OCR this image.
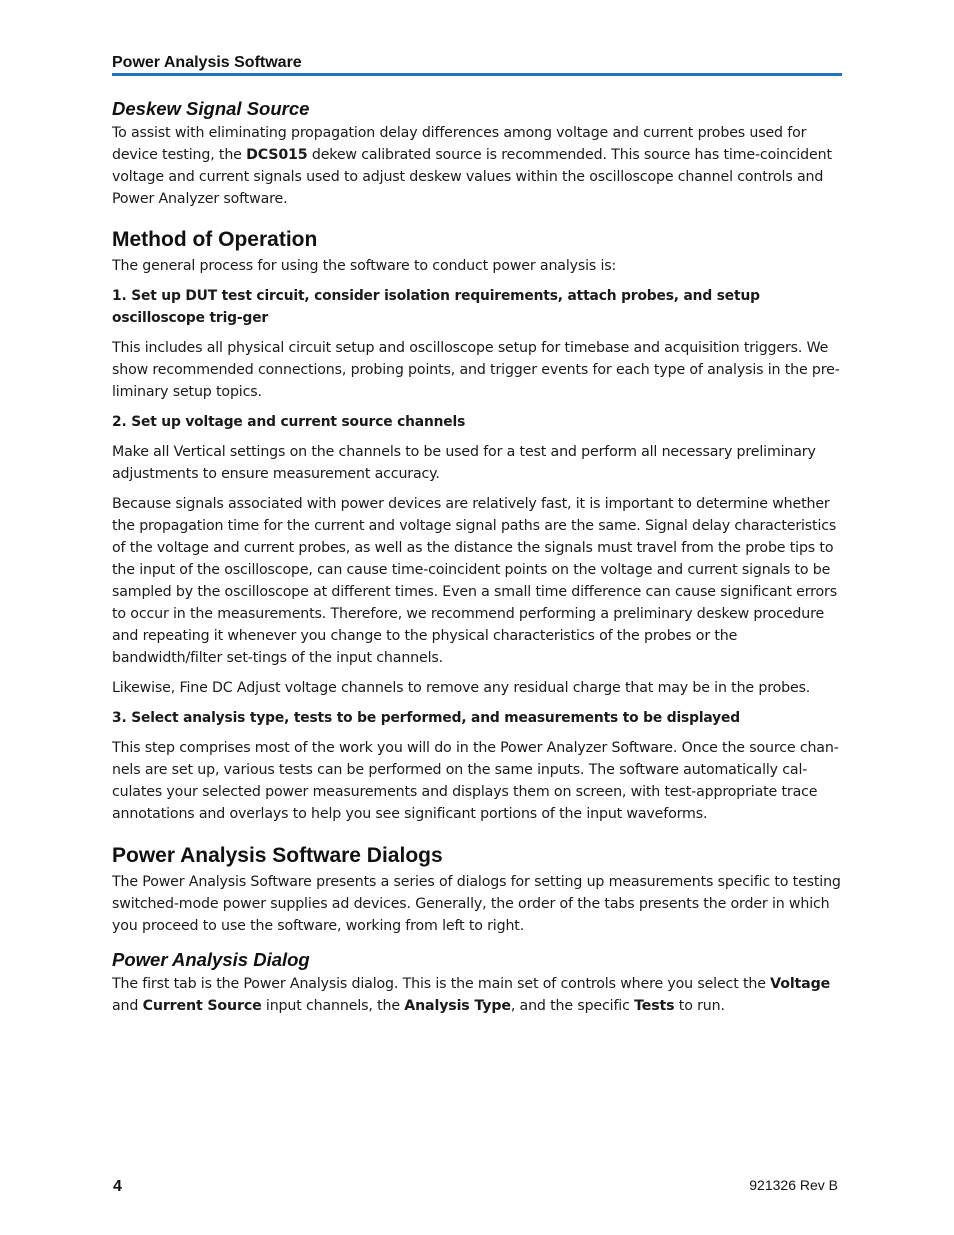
Power Analysis Software
Deskew Signal Source

To assist with eliminating propagation delay differences among voltage and current probes used for device testing, the DCS015 dekew calibrated source is recommended. This source has time-coincident voltage and current signals used to adjust deskew values within the oscilloscope channel controls and Power Analyzer software.

Method of Operation

The general process for using the software to conduct power analysis is:

1. Set up DUT test circuit, consider isolation requirements, attach probes, and setup oscilloscope trig-ger

This includes all physical circuit setup and oscilloscope setup for timebase and acquisition triggers. We show recommended connections, probing points, and trigger events for each type of analysis in the pre-liminary setup topics.

2. Set up voltage and current source channels

Make all Vertical settings on the channels to be used for a test and perform all necessary preliminary adjustments to ensure measurement accuracy.

Because signals associated with power devices are relatively fast, it is important to determine whether the propagation time for the current and voltage signal paths are the same. Signal delay characteristics of the voltage and current probes, as well as the distance the signals must travel from the probe tips to the input of the oscilloscope, can cause time-coincident points on the voltage and current signals to be sampled by the oscilloscope at different times. Even a small time difference can cause significant errors to occur in the measurements. Therefore, we recommend performing a preliminary deskew procedure and repeating it whenever you change to the physical characteristics of the probes or the bandwidth/filter set-tings of the input channels.

Likewise, Fine DC Adjust voltage channels to remove any residual charge that may be in the probes.

3. Select analysis type, tests to be performed, and measurements to be displayed

This step comprises most of the work you will do in the Power Analyzer Software. Once the source chan-nels are set up, various tests can be performed on the same inputs. The software automatically cal-culates your selected power measurements and displays them on screen, with test-appropriate trace annotations and overlays to help you see significant portions of the input waveforms.

Power Analysis Software Dialogs

The Power Analysis Software presents a series of dialogs for setting up measurements specific to testing switched-mode power supplies ad devices. Generally, the order of the tabs presents the order in which you proceed to use the software, working from left to right.

Power Analysis Dialog

The first tab is the Power Analysis dialog. This is the main set of controls where you select the Voltage and Current Source input channels, the Analysis Type, and the specific Tests to run.

4	921326 Rev B
